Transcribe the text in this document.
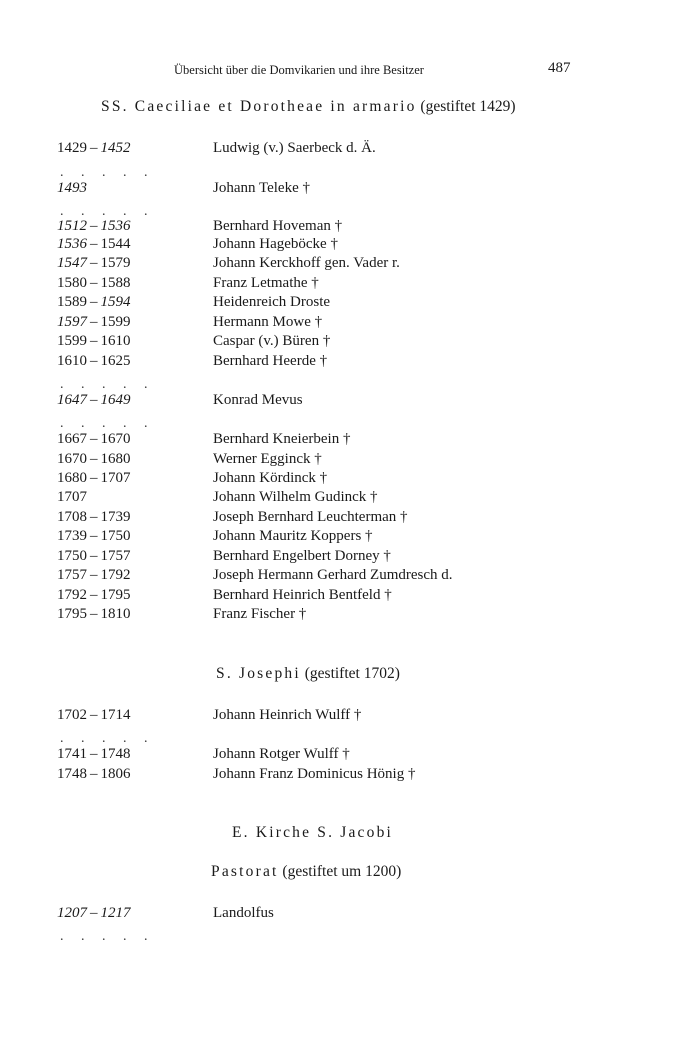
Übersicht über die Domvikarien und ihre Besitzer	487
SS. Caeciliae et Dorotheae in armario (gestiftet 1429)
1429 – 1452	Ludwig (v.) Saerbeck d. Ä.
1493	Johann Teleke †
1512 – 1536	Bernhard Hoveman †
1536 – 1544	Johann Hageböcke †
1547 – 1579	Johann Kerckhoff gen. Vader r.
1580 – 1588	Franz Letmathe †
1589 – 1594	Heidenreich Droste
1597 – 1599	Hermann Mowe †
1599 – 1610	Caspar (v.) Büren †
1610 – 1625	Bernhard Heerde †
1647 – 1649	Konrad Mevus
1667 – 1670	Bernhard Kneierbein †
1670 – 1680	Werner Egginck †
1680 – 1707	Johann Kördinck †
1707	Johann Wilhelm Gudinck †
1708 – 1739	Joseph Bernhard Leuchterman †
1739 – 1750	Johann Mauritz Koppers †
1750 – 1757	Bernhard Engelbert Dorney †
1757 – 1792	Joseph Hermann Gerhard Zumdresch d.
1792 – 1795	Bernhard Heinrich Bentfeld †
1795 – 1810	Franz Fischer †
. . . . .
. . . . .
. . . . .
. . . . .
S. Josephi (gestiftet 1702)
1702 – 1714	Johann Heinrich Wulff †
1741 – 1748	Johann Rotger Wulff †
1748 – 1806	Johann Franz Dominicus Hönig †
. . . . .
E. Kirche S. Jacobi
Pastorat (gestiftet um 1200)
1207 – 1217	Landolfus
. . . . .
